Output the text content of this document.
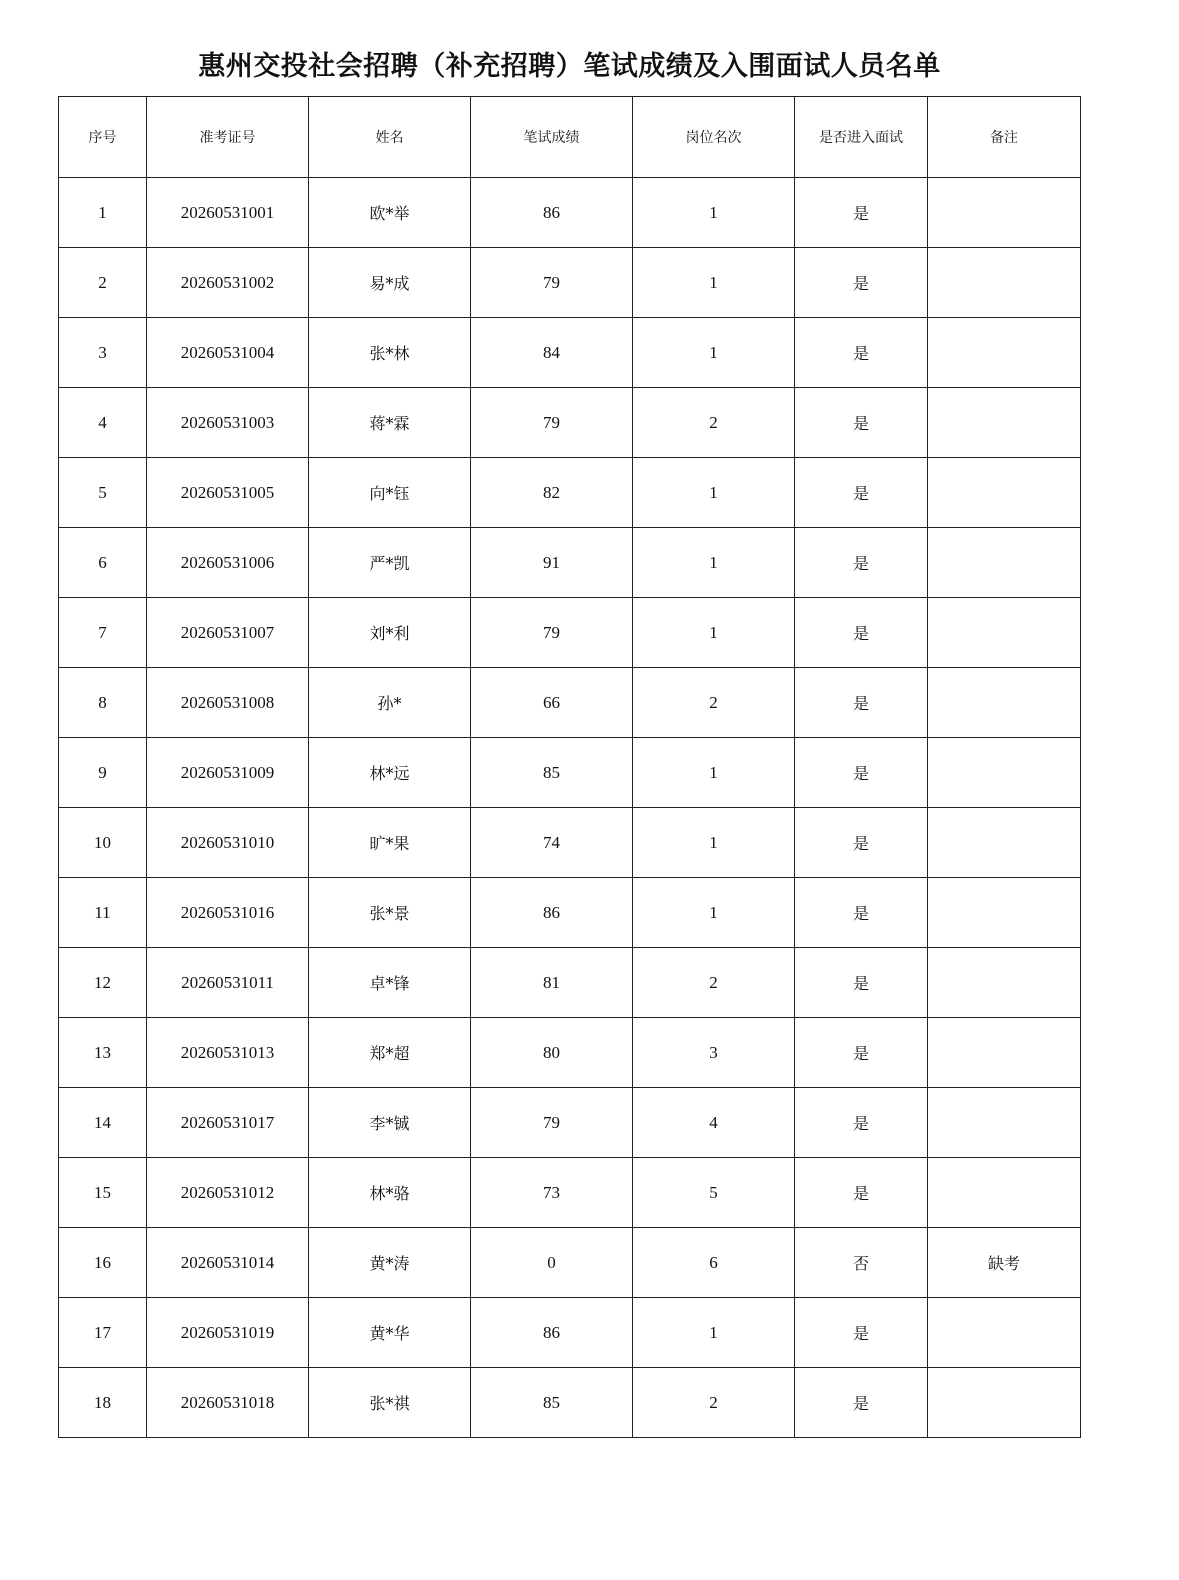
惠州交投社会招聘（补充招聘）笔试成绩及入围面试人员名单
序号	准考证号	姓名	笔试成绩	岗位名次	是否进入面试	备注
1	20260531001	欧*举	86	1	是	
2	20260531002	易*成	79	1	是	
3	20260531004	张*林	84	1	是	
4	20260531003	蒋*霖	79	2	是	
5	20260531005	向*钰	82	1	是	
6	20260531006	严*凯	91	1	是	
7	20260531007	刘*利	79	1	是	
8	20260531008	孙*	66	2	是	
9	20260531009	林*远	85	1	是	
10	20260531010	旷*果	74	1	是	
11	20260531016	张*景	86	1	是	
12	20260531011	卓*锋	81	2	是	
13	20260531013	郑*超	80	3	是	
14	20260531017	李*铖	79	4	是	
15	20260531012	林*骆	73	5	是	
16	20260531014	黄*涛	0	6	否	缺考
17	20260531019	黄*华	86	1	是	
18	20260531018	张*祺	85	2	是	
